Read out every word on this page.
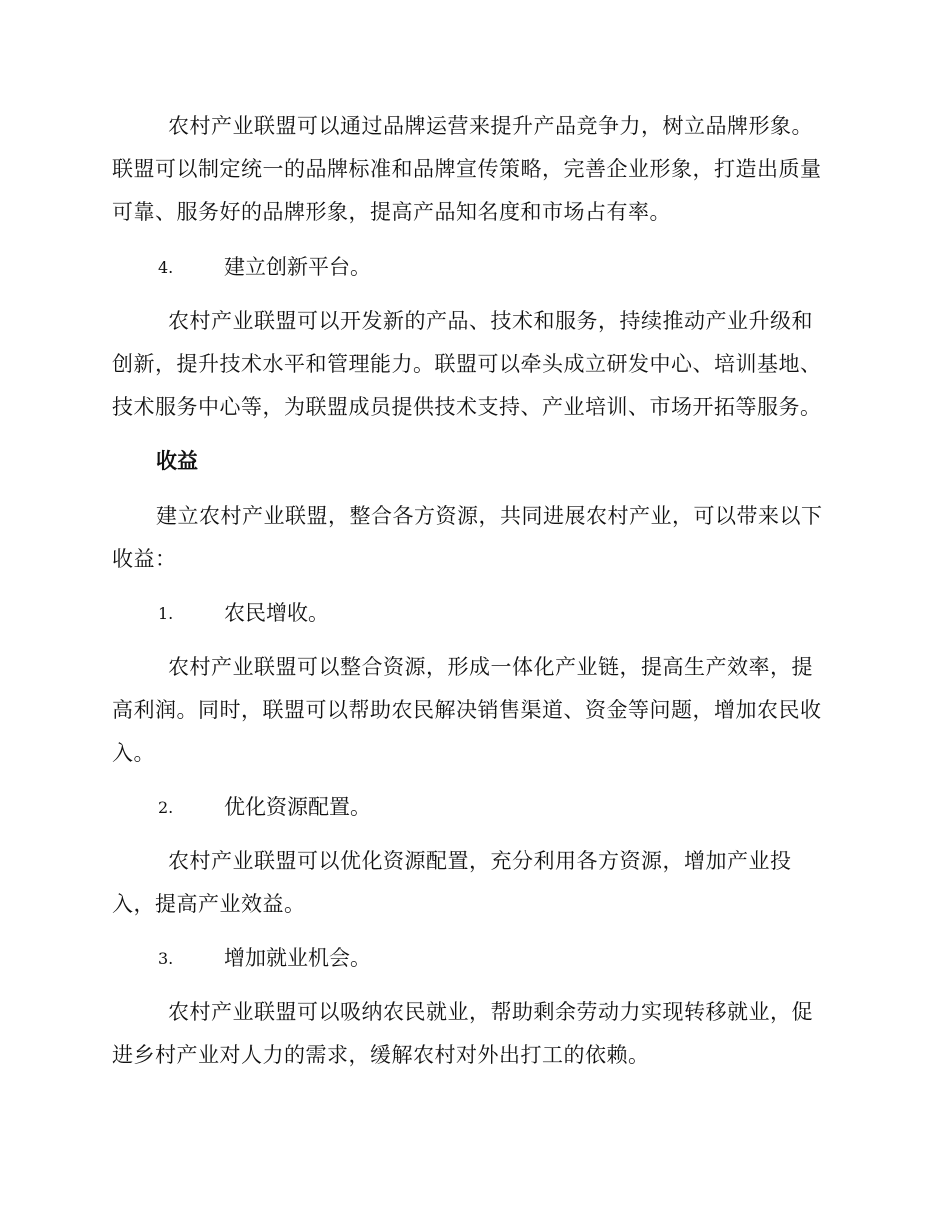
农村产业联盟可以通过品牌运营来提升产品竞争力，树立品牌形象。
联盟可以制定统一的品牌标准和品牌宣传策略，完善企业形象，打造出质量
可靠、服务好的品牌形象，提高产品知名度和市场占有率。

4. 建立创新平台。

农村产业联盟可以开发新的产品、技术和服务，持续推动产业升级和
创新，提升技术水平和管理能力。联盟可以牵头成立研发中心、培训基地、
技术服务中心等，为联盟成员提供技术支持、产业培训、市场开拓等服务。

收益

建立农村产业联盟，整合各方资源，共同进展农村产业，可以带来以下
收益：

1. 农民增收。

农村产业联盟可以整合资源，形成一体化产业链，提高生产效率，提
高利润。同时，联盟可以帮助农民解决销售渠道、资金等问题，增加农民收
入。

2. 优化资源配置。

农村产业联盟可以优化资源配置，充分利用各方资源，增加产业投
入，提高产业效益。

3. 增加就业机会。

农村产业联盟可以吸纳农民就业，帮助剩余劳动力实现转移就业，促
进乡村产业对人力的需求，缓解农村对外出打工的依赖。
